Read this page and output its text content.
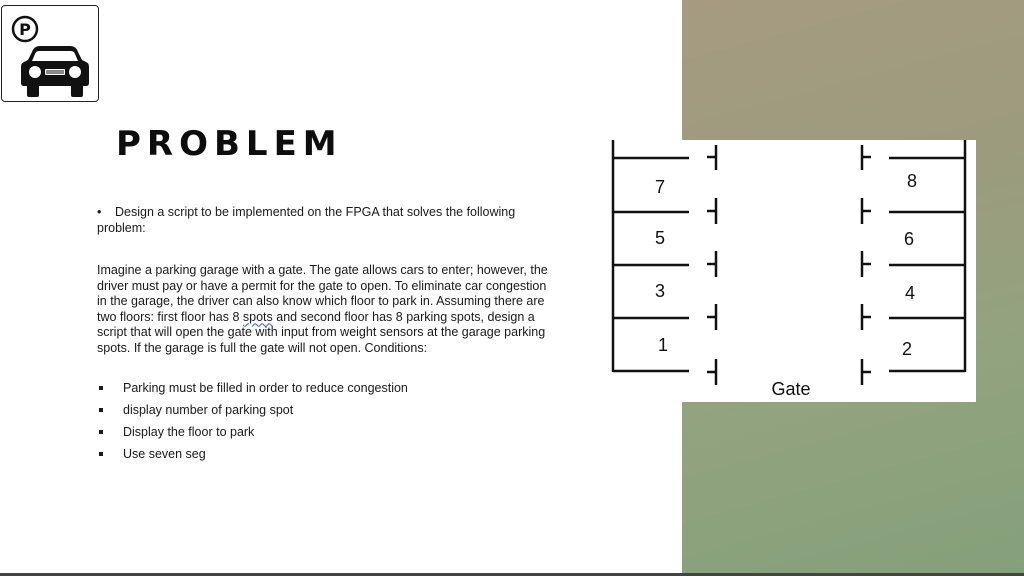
P
PROBLEM
• Design a script to be implemented on the FPGA that solves the following problem:

Imagine a parking garage with a gate. The gate allows cars to enter; however, the driver must pay or have a permit for the gate to open. To eliminate car congestion in the garage, the driver can also know which floor to park in. Assuming there are two floors: first floor has 8 spots and second floor has 8 parking spots, design a script that will open the gate with input from weight sensors at the garage parking spots. If the garage is full the gate will not open. Conditions:

Parking must be filled in order to reduce congestion
display number of parking spot
Display the floor to park
Use seven seg
7
5
3
1
8
6
4
2
Gate
